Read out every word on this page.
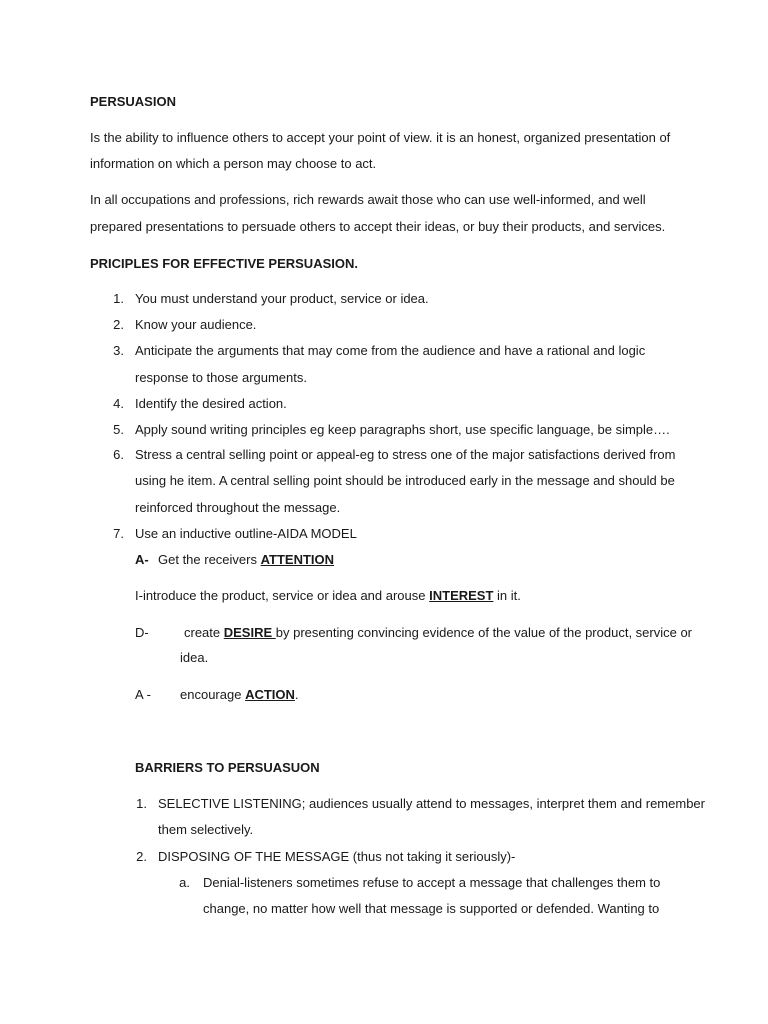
PERSUASION
Is the ability to influence others to accept your point of view. it is an honest, organized presentation of
information on which a person may choose to act.
In all occupations and professions, rich rewards await those who can use well-informed, and well
prepared presentations to persuade others to accept their ideas, or buy their products, and services.
PRICIPLES FOR EFFECTIVE PERSUASION.
1. You must understand your product, service or idea.
2. Know your audience.
3. Anticipate the arguments that may come from the audience and have a rational and logic
response to those arguments.
4. Identify the desired action.
5. Apply sound writing principles eg keep paragraphs short, use specific language, be simple….
6. Stress a central selling point or appeal-eg to stress one of the major satisfactions derived from
using he item. A central selling point should be introduced early in the message and should be
reinforced throughout the message.
7. Use an inductive outline-AIDA MODEL
A- Get the receivers ATTENTION
I-introduce the product, service or idea and arouse INTEREST in it.
D-	create DESIRE by presenting convincing evidence of the value of the product, service or
idea.
A - encourage ACTION.
BARRIERS TO PERSUASUON
1. SELECTIVE LISTENING; audiences usually attend to messages, interpret them and remember
them selectively.
2. DISPOSING OF THE MESSAGE (thus not taking it seriously)-
a. Denial-listeners sometimes refuse to accept a message that challenges them to
change, no matter how well that message is supported or defended. Wanting to
